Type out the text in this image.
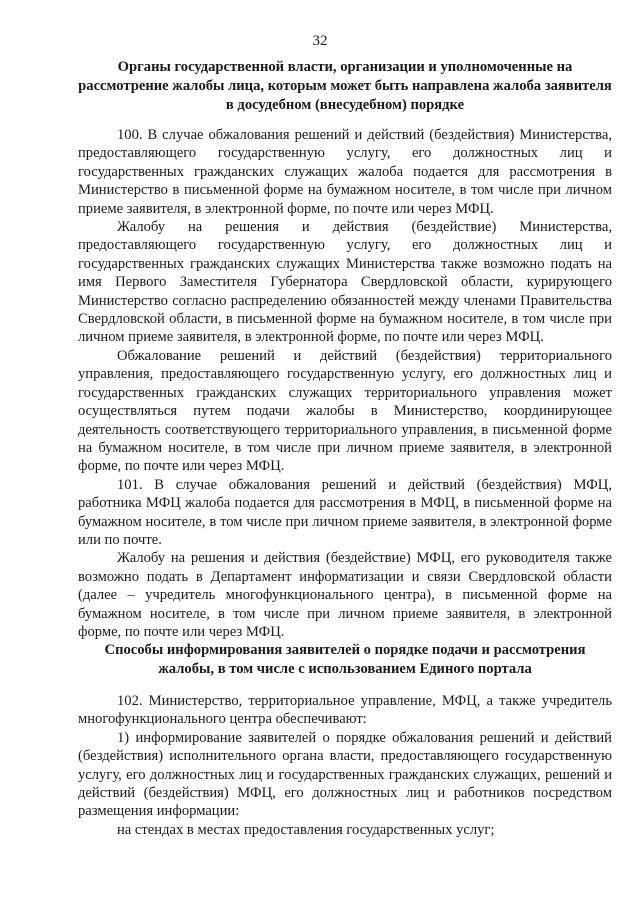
32
Органы государственной власти, организации и уполномоченные на рассмотрение жалобы лица, которым может быть направлена жалоба заявителя в досудебном (внесудебном) порядке

100. В случае обжалования решений и действий (бездействия) Министерства, предоставляющего государственную услугу, его должностных лиц и государственных гражданских служащих жалоба подается для рассмотрения в Министерство в письменной форме на бумажном носителе, в том числе при личном приеме заявителя, в электронной форме, по почте или через МФЦ.

Жалобу на решения и действия (бездействие) Министерства, предоставляющего государственную услугу, его должностных лиц и государственных гражданских служащих Министерства также возможно подать на имя Первого Заместителя Губернатора Свердловской области, курирующего Министерство согласно распределению обязанностей между членами Правительства Свердловской области, в письменной форме на бумажном носителе, в том числе при личном приеме заявителя, в электронной форме, по почте или через МФЦ.

Обжалование решений и действий (бездействия) территориального управления, предоставляющего государственную услугу, его должностных лиц и государственных гражданских служащих территориального управления может осуществляться путем подачи жалобы в Министерство, координирующее деятельность соответствующего территориального управления, в письменной форме на бумажном носителе, в том числе при личном приеме заявителя, в электронной форме, по почте или через МФЦ.

101. В случае обжалования решений и действий (бездействия) МФЦ, работника МФЦ жалоба подается для рассмотрения в МФЦ, в письменной форме на бумажном носителе, в том числе при личном приеме заявителя, в электронной форме или по почте.

Жалобу на решения и действия (бездействие) МФЦ, его руководителя также возможно подать в Департамент информатизации и связи Свердловской области (далее – учредитель многофункционального центра), в письменной форме на бумажном носителе, в том числе при личном приеме заявителя, в электронной форме, по почте или через МФЦ.

Способы информирования заявителей о порядке подачи и рассмотрения жалобы, в том числе с использованием Единого портала

102. Министерство, территориальное управление, МФЦ, а также учредитель многофункционального центра обеспечивают:

1) информирование заявителей о порядке обжалования решений и действий (бездействия) исполнительного органа власти, предоставляющего государственную услугу, его должностных лиц и государственных гражданских служащих, решений и действий (бездействия) МФЦ, его должностных лиц и работников посредством размещения информации:

на стендах в местах предоставления государственных услуг;
